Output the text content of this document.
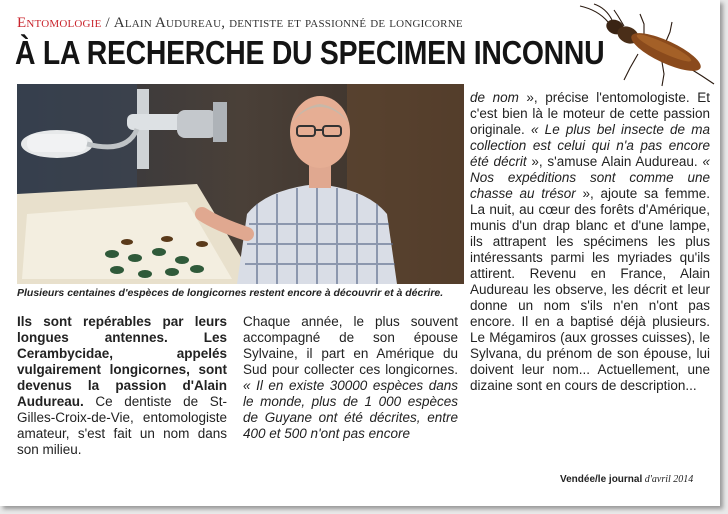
Entomologie / Alain Audureau, dentiste et passionné de longicorne
À LA RECHERCHE DU SPECIMEN INCONNU
Plusieurs centaines d'espèces de longicornes restent encore à découvrir et à décrire.
Ils sont repérables par leurs longues antennes. Les Cerambycidae, appelés vulgairement longicornes, sont devenus la passion d'Alain Audureau. Ce dentiste de St-Gilles-Croix-de-Vie, entomologiste amateur, s'est fait un nom dans son milieu.
Chaque année, le plus souvent accompagné de son épouse Sylvaine, il part en Amérique du Sud pour collecter ces longicornes. « Il en existe 30000 espèces dans le monde, plus de 1 000 espèces de Guyane ont été décrites, entre 400 et 500 n'ont pas encore
de nom », précise l'entomologiste. Et c'est bien là le moteur de cette passion originale. « Le plus bel insecte de ma collection est celui qui n'a pas encore été décrit », s'amuse Alain Audureau. « Nos expéditions sont comme une chasse au trésor », ajoute sa femme. La nuit, au cœur des forêts d'Amérique, munis d'un drap blanc et d'une lampe, ils attrapent les spécimens les plus intéressants parmi les myriades qu'ils attirent. Revenu en France, Alain Audureau les observe, les décrit et leur donne un nom s'ils n'en n'ont pas encore. Il en a baptisé déjà plusieurs. Le Mégamiros (aux grosses cuisses), le Sylvana, du prénom de son épouse, lui doivent leur nom... Actuellement, une dizaine sont en cours de description...
Vendée/le journal d'avril 2014
